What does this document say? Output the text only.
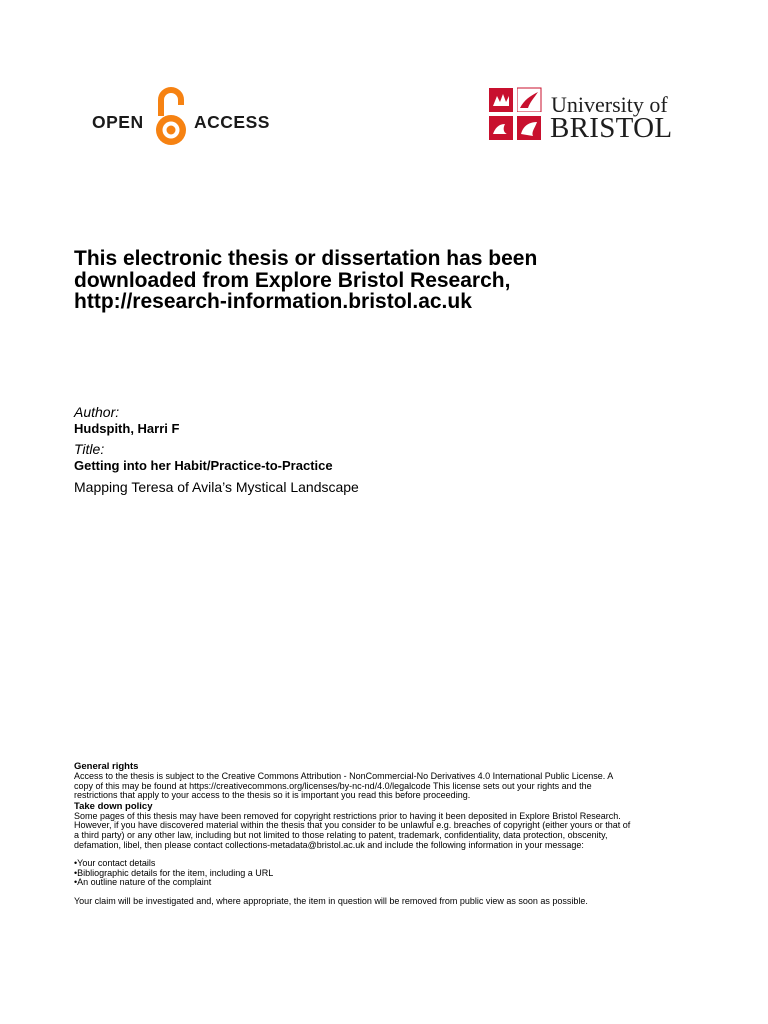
OPEN	ACCESS
University of
BRISTOL
This electronic thesis or dissertation has been
downloaded from Explore Bristol Research,
http://research-information.bristol.ac.uk
Author:
Hudspith, Harri F
Title:
Getting into her Habit/Practice-to-Practice
Mapping Teresa of Avila’s Mystical Landscape
General rights
Access to the thesis is subject to the Creative Commons Attribution - NonCommercial-No Derivatives 4.0 International Public License. A
copy of this may be found at https://creativecommons.org/licenses/by-nc-nd/4.0/legalcode This license sets out your rights and the
restrictions that apply to your access to the thesis so it is important you read this before proceeding.
Take down policy
Some pages of this thesis may have been removed for copyright restrictions prior to having it been deposited in Explore Bristol Research.
However, if you have discovered material within the thesis that you consider to be unlawful e.g. breaches of copyright (either yours or that of
a third party) or any other law, including but not limited to those relating to patent, trademark, confidentiality, data protection, obscenity,
defamation, libel, then please contact collections-metadata@bristol.ac.uk and include the following information in your message:
•Your contact details
•Bibliographic details for the item, including a URL
•An outline nature of the complaint
Your claim will be investigated and, where appropriate, the item in question will be removed from public view as soon as possible.
